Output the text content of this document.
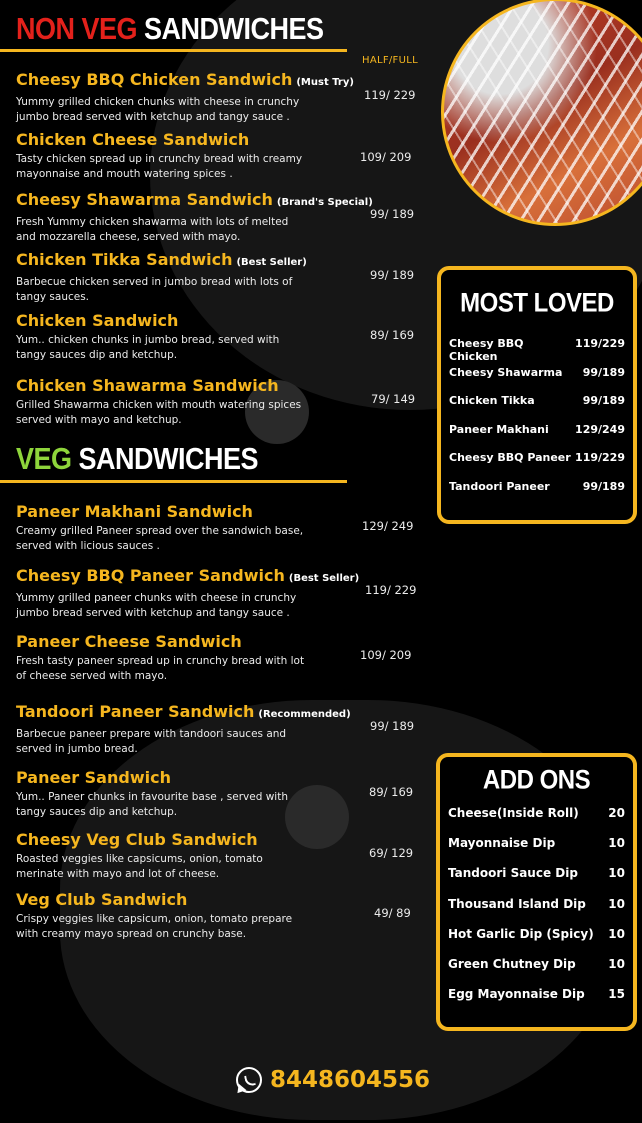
NON VEG SANDWICHES
HALF/FULL
Cheesy BBQ Chicken Sandwich (Must Try)
Yummy grilled chicken chunks with cheese in crunchy
jumbo bread served with ketchup and tangy sauce .
119/ 229
Chicken Cheese Sandwich
Tasty chicken spread up in crunchy bread with creamy
mayonnaise and mouth watering spices .
109/ 209
Cheesy Shawarma Sandwich (Brand's Special)
Fresh Yummy chicken shawarma with lots of melted
and mozzarella cheese, served with mayo.
99/ 189
Chicken Tikka Sandwich (Best Seller)
Barbecue chicken served in jumbo bread with lots of
tangy sauces.
99/ 189
Chicken Sandwich
Yum.. chicken chunks in jumbo bread, served with
tangy sauces dip and ketchup.
89/ 169
Chicken Shawarma Sandwich
Grilled Shawarma chicken with mouth watering spices
served with mayo and ketchup.
79/ 149
VEG SANDWICHES
Paneer Makhani Sandwich
Creamy grilled Paneer spread over the sandwich base,
served with licious sauces .
129/ 249
Cheesy BBQ Paneer Sandwich (Best Seller)
Yummy grilled paneer chunks with cheese in crunchy
jumbo bread served with ketchup and tangy sauce .
119/ 229
Paneer Cheese Sandwich
Fresh tasty paneer spread up in crunchy bread with lot
of cheese served with mayo.
109/ 209
Tandoori Paneer Sandwich (Recommended)
Barbecue paneer prepare with tandoori sauces and
served in jumbo bread.
99/ 189
Paneer Sandwich
Yum.. Paneer chunks in favourite base , served with
tangy sauces dip and ketchup.
89/ 169
Cheesy Veg Club Sandwich
Roasted veggies like capsicums, onion, tomato
merinate with mayo and lot of cheese.
69/ 129
Veg Club Sandwich
Crispy veggies like capsicum, onion, tomato prepare
with creamy mayo spread on crunchy base.
49/ 89
MOST LOVED
Cheesy BBQ Chicken
119/229
Cheesy Shawarma 99/189
Chicken Tikka	99/189
Paneer Makhani 129/249
Cheesy BBQ Paneer 119/229
Tandoori Paneer	99/189
ADD ONS
Cheese(Inside Roll) 20
Mayonnaise Dip	10
Tandoori Sauce Dip	10
Thousand Island Dip 10
Hot Garlic Dip (Spicy) 10
Green Chutney Dip	10
Egg Mayonnaise Dip 15
8448604556
